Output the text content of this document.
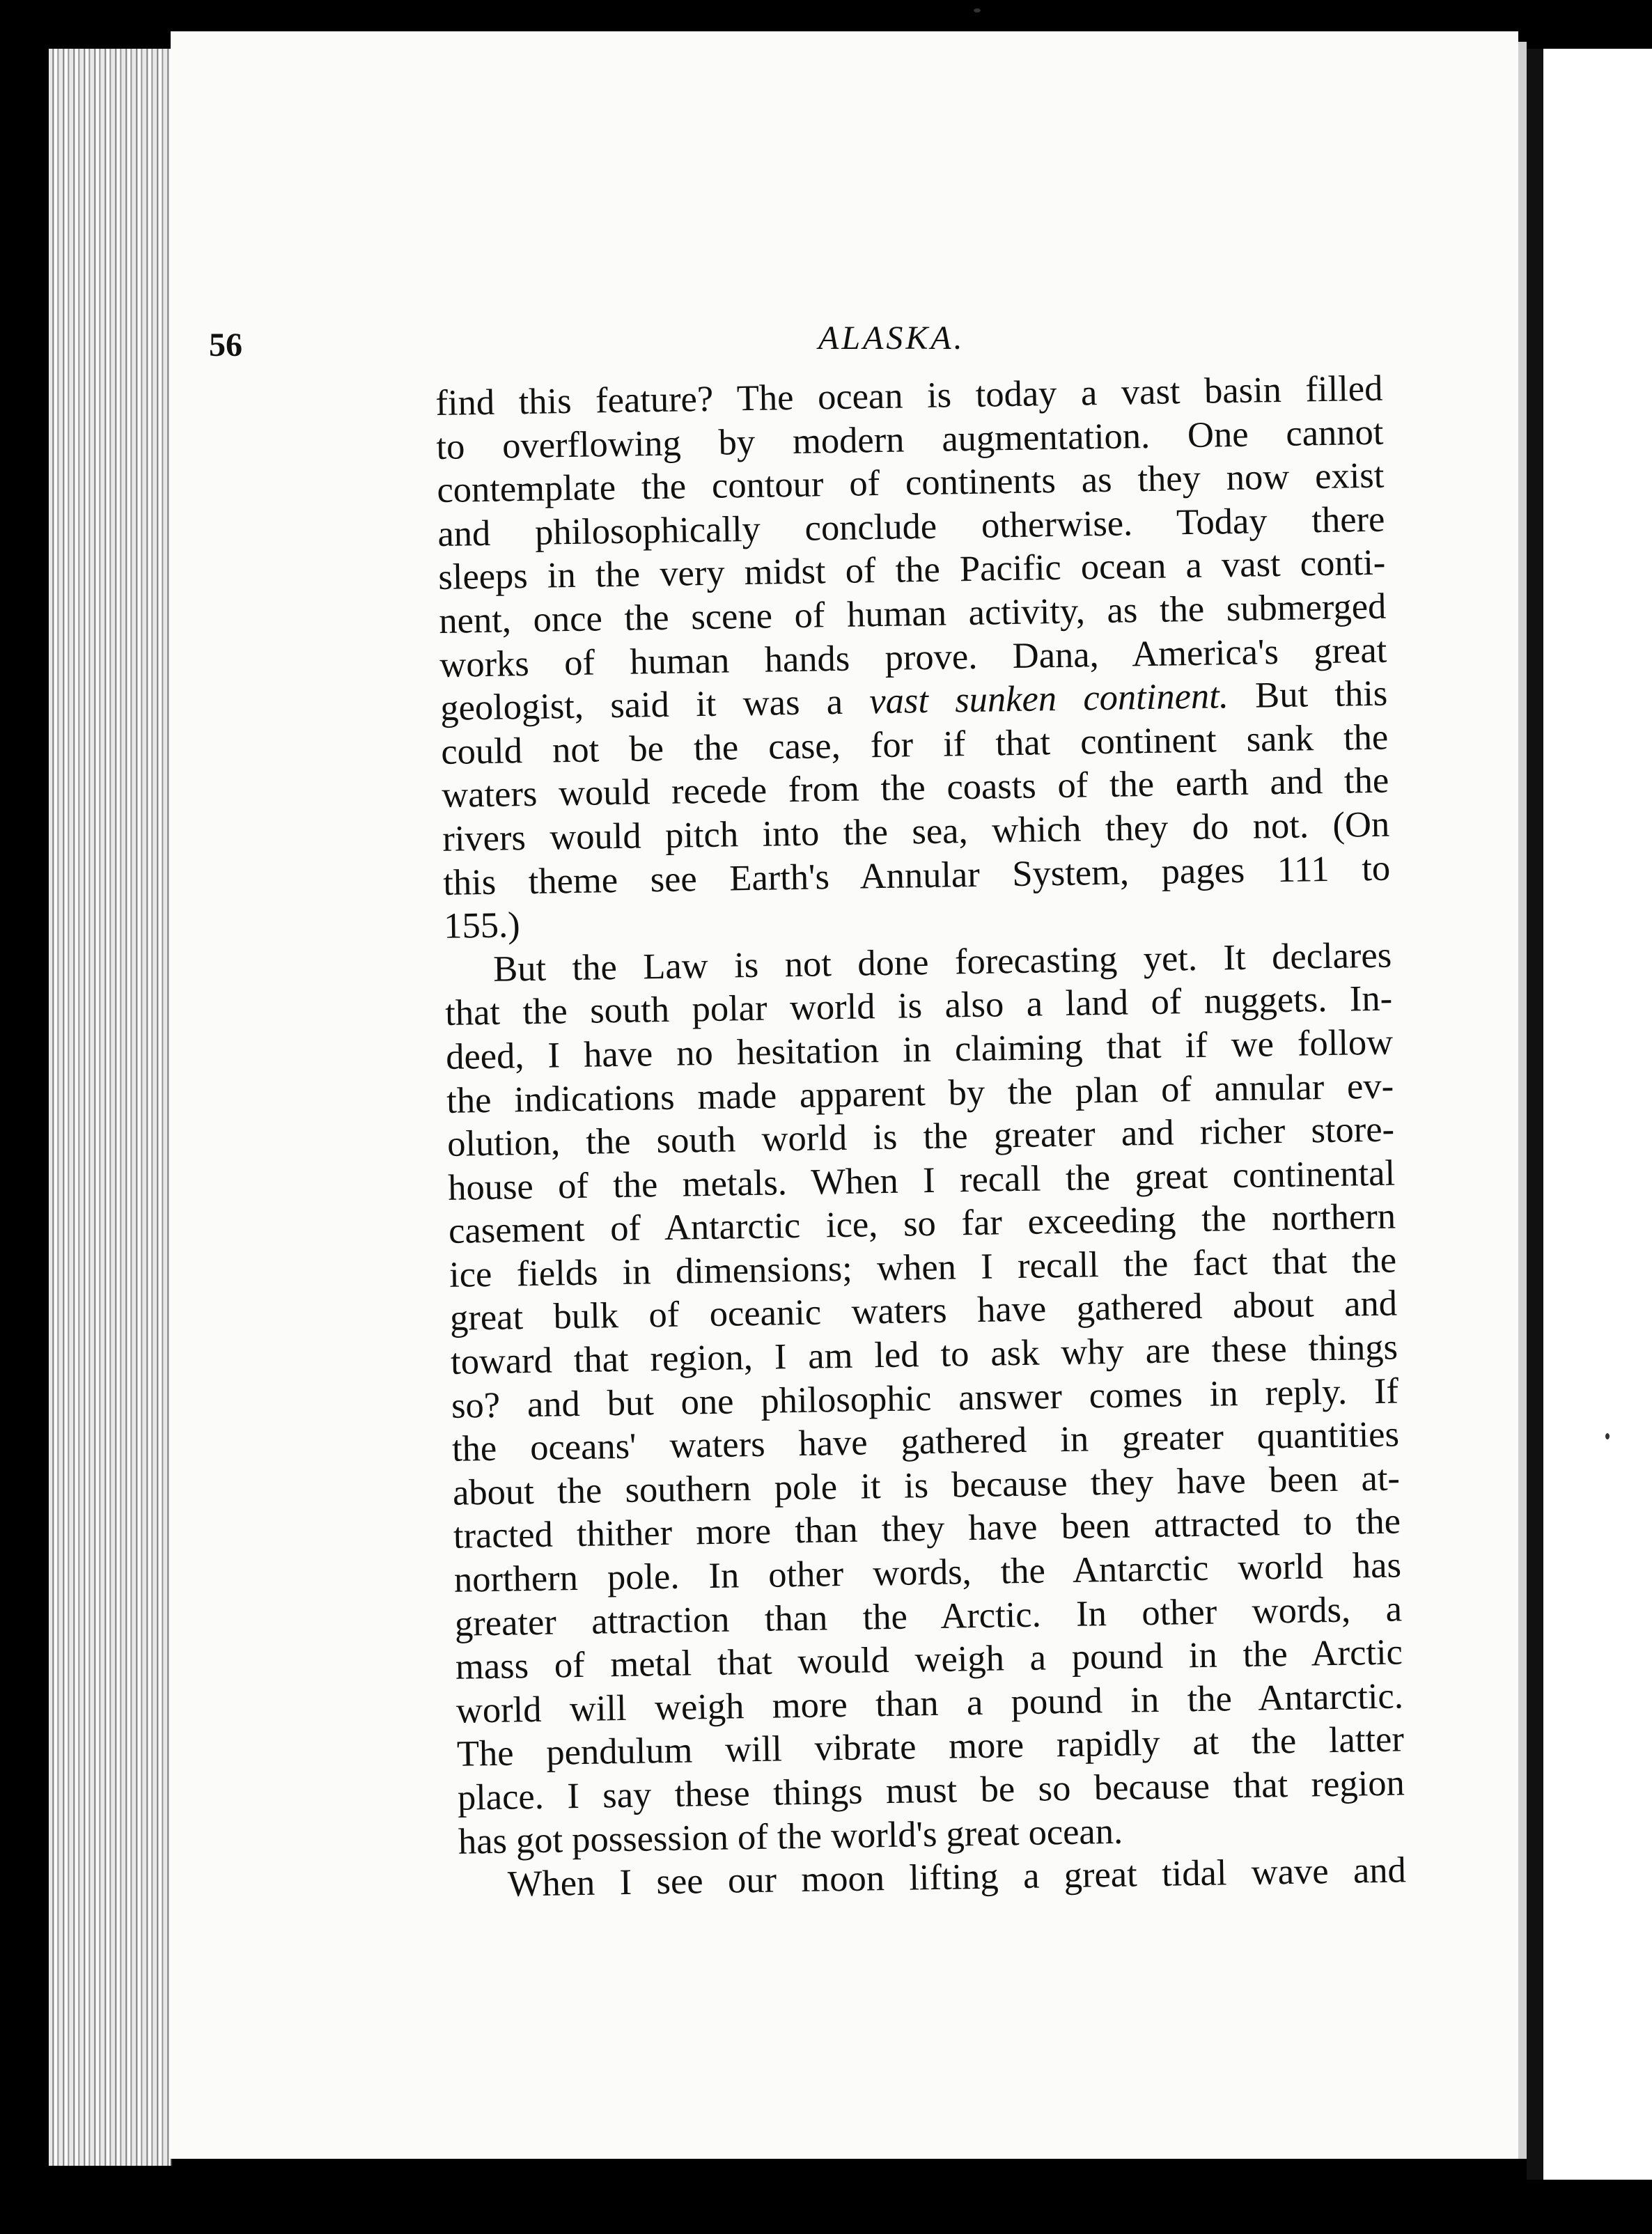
56	ALASKA.
find this feature? The ocean is today a vast basin filled
to overflowing by modern augmentation. One cannot
contemplate the contour of continents as they now exist
and philosophically conclude otherwise. Today there
sleeps in the very midst of the Pacific ocean a vast conti-
nent, once the scene of human activity, as the submerged
works of human hands prove. Dana, America's great
geologist, said it was a vast sunken continent. But this
could not be the case, for if that continent sank the
waters would recede from the coasts of the earth and the
rivers would pitch into the sea, which they do not. (On
this theme see Earth's Annular System, pages 111 to
155.)
But the Law is not done forecasting yet. It declares
that the south polar world is also a land of nuggets. In-
deed, I have no hesitation in claiming that if we follow
the indications made apparent by the plan of annular ev-
olution, the south world is the greater and richer store-
house of the metals. When I recall the great continental
casement of Antarctic ice, so far exceeding the northern
ice fields in dimensions; when I recall the fact that the
great bulk of oceanic waters have gathered about and
toward that region, I am led to ask why are these things
so? and but one philosophic answer comes in reply. If
the oceans' waters have gathered in greater quantities
about the southern pole it is because they have been at-
tracted thither more than they have been attracted to the
northern pole. In other words, the Antarctic world has
greater attraction than the Arctic. In other words, a
mass of metal that would weigh a pound in the Arctic
world will weigh more than a pound in the Antarctic.
The pendulum will vibrate more rapidly at the latter
place. I say these things must be so because that region
has got possession of the world's great ocean.
When I see our moon lifting a great tidal wave and
